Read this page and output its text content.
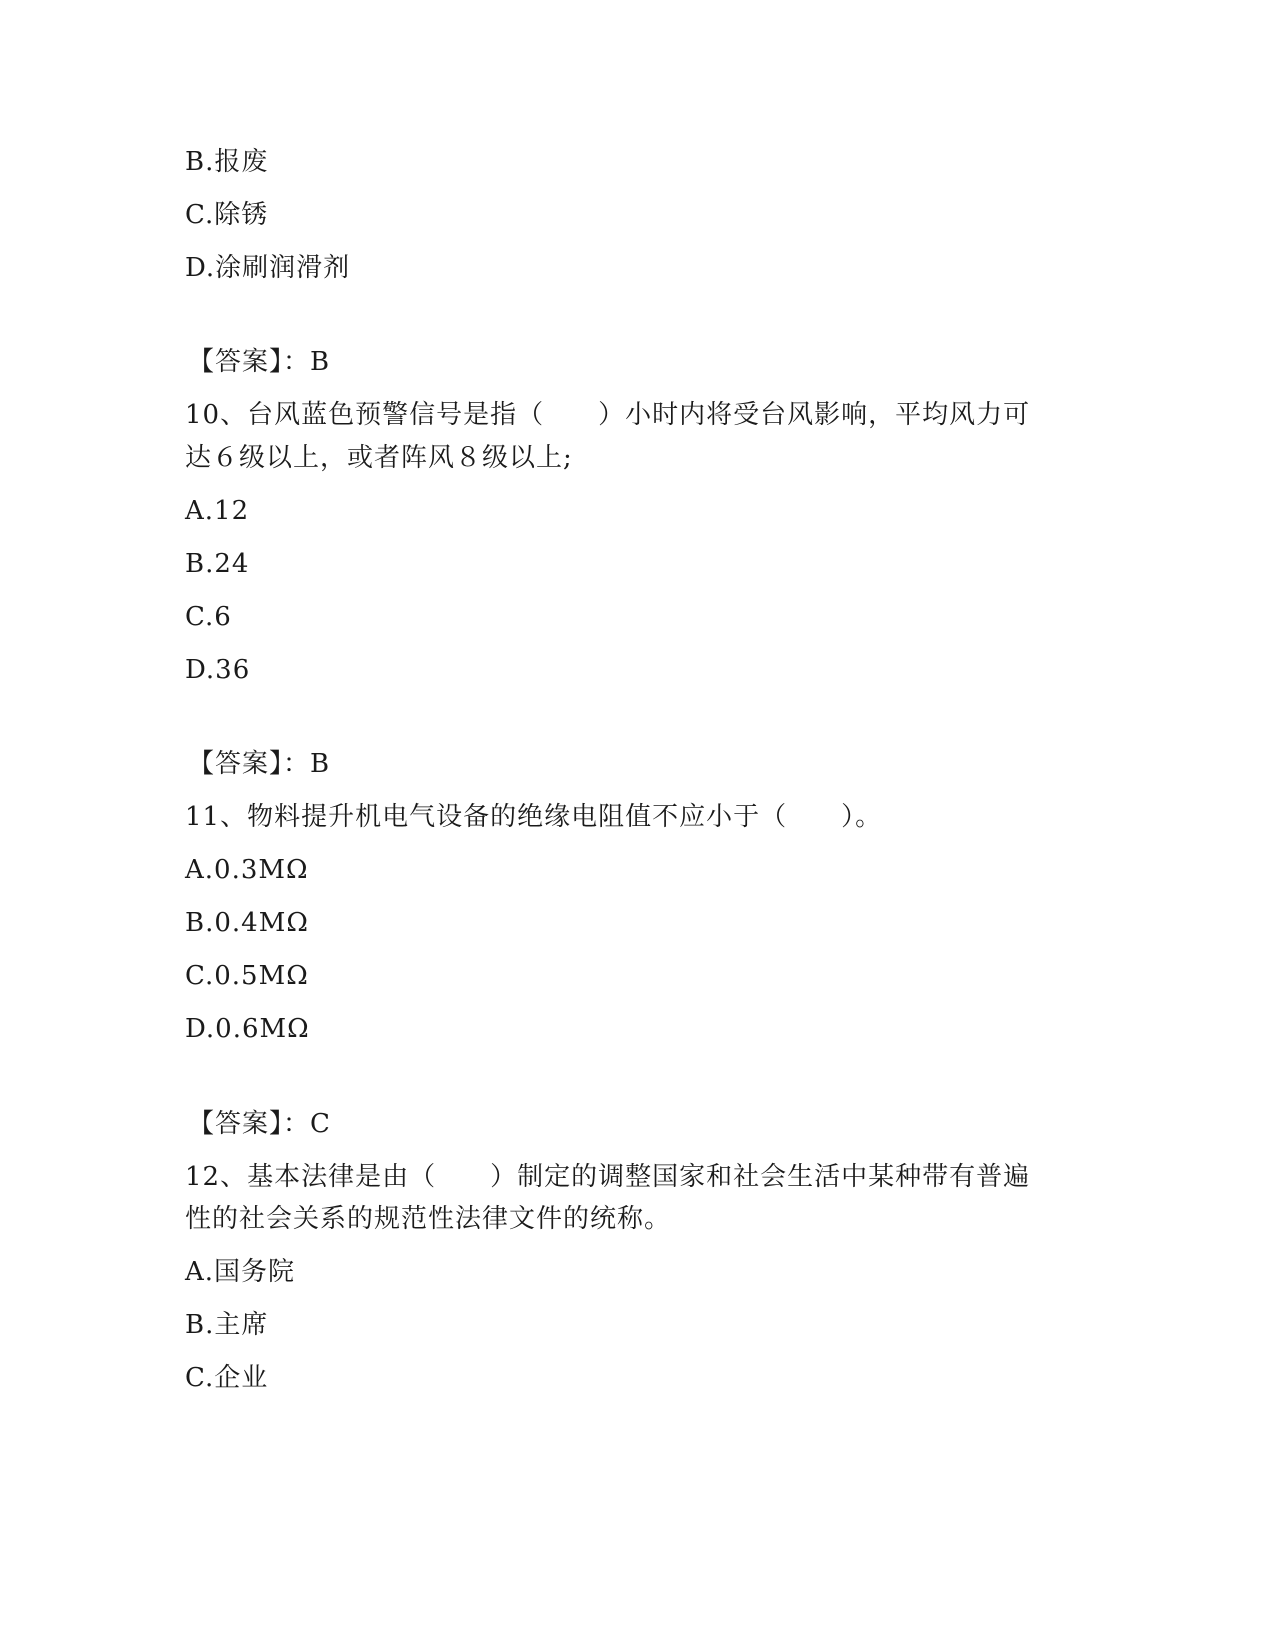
B.报废
C.除锈
D.涂刷润滑剂
【答案】：B
10、台风蓝色预警信号是指（　　）小时内将受台风影响，平均风力可
达６级以上，或者阵风８级以上;
A.12
B.24
C.6
D.36
【答案】：B
11、物料提升机电气设备的绝缘电阻值不应小于（　　）。
A.0.3MΩ
B.0.4MΩ
C.0.5MΩ
D.0.6MΩ
【答案】：C
12、基本法律是由（　　）制定的调整国家和社会生活中某种带有普遍
性的社会关系的规范性法律文件的统称。
A.国务院
B.主席
C.企业
